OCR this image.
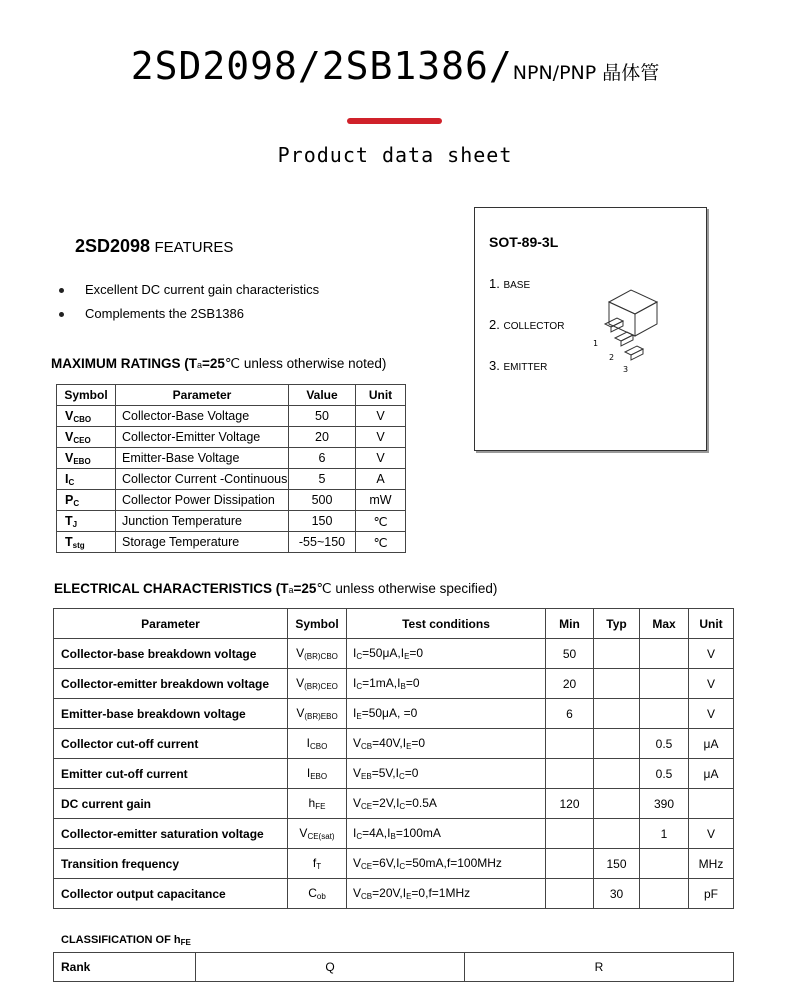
2SD2098/2SB1386/NPN/PNP 晶体管
Product data sheet
2SD2098 FEATURES
Excellent DC current gain characteristics
Complements the 2SB1386
SOT-89-3L
1. BASE
2. COLLECTOR
3. EMITTER
1
2
3
MAXIMUM RATINGS (Ta=25℃ unless otherwise noted)
Symbol	Parameter	Value	Unit
$V_{CBO}$	Collector-Base Voltage	50	V
$V_{CEO}$	Collector-Emitter Voltage	20	V
$V_{EBO}$	Emitter-Base Voltage	6	V
$I_C$	Collector Current -Continuous	5	A
$P_C$	Collector Power Dissipation	500	mW
$T_J$	Junction Temperature	150	℃
$T_{stg}$	Storage Temperature	-55~150	℃
ELECTRICAL CHARACTERISTICS (Ta=25℃ unless otherwise specified)
Parameter	Symbol	Test conditions	Min	Typ	Max	Unit
Collector-base breakdown voltage	$V_{(BR)CBO}$	$I_C=50\mu A,I_E=0$	50			V
Collector-emitter breakdown voltage	$V_{(BR)CEO}$	$I_C=1mA,I_B=0$	20			V
Emitter-base breakdown voltage	$V_{(BR)EBO}$	$I_E=50\mu A$, =0	6			V
Collector cut-off current	$I_{CBO}$	$V_{CB}=40V,I_E=0$			0.5	μA
Emitter cut-off current	$I_{EBO}$	$V_{EB}=5V,I_C=0$			0.5	μA
DC current gain	$h_{FE}$	$V_{CE}=2V,I_C=0.5A$	120		390	
Collector-emitter saturation voltage	$V_{CE(sat)}$	$I_C=4A,I_B=100mA$			1	V
Transition frequency	$f_T$	$V_{CE}=6V,I_C=50mA,f=100MHz$		150		MHz
Collector output capacitance	$C_{ob}$	$V_{CB}=20V,I_E=0,f=1MHz$		30		pF
CLASSIFICATION OF $h_{FE}$
Rank	Q	R
